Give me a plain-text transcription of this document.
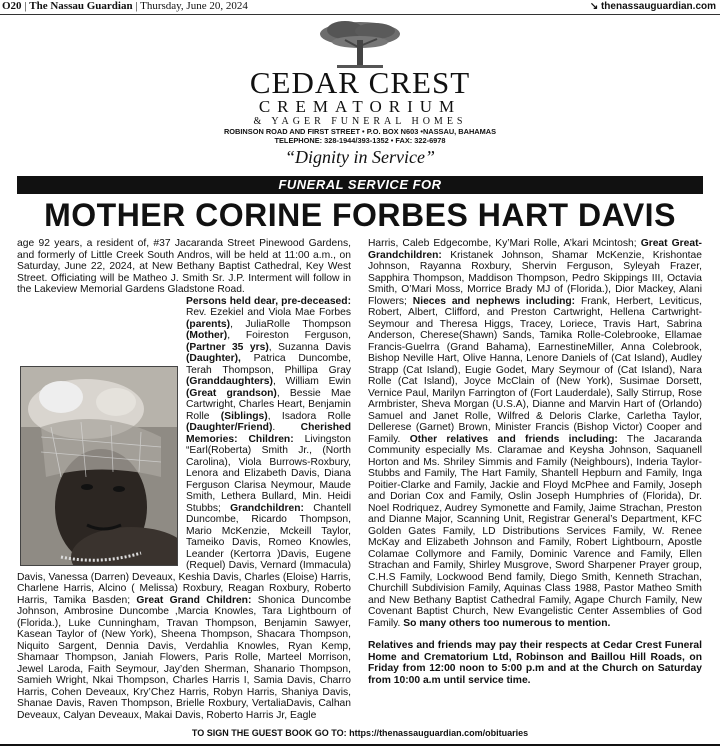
O20 | The Nassau Guardian | Thursday, June 20, 2024	↘ thenassauguardian.com
CEDAR CREST
CREMATORIUM
& YAGER FUNERAL HOMES
ROBINSON ROAD AND FIRST STREET • P.O. BOX N603 •NASSAU, BAHAMAS
TELEPHONE: 328-1944/393-1352 • FAX: 322-6978
“Dignity in Service”
FUNERAL SERVICE FOR
MOTHER CORINE FORBES HART DAVIS

age 92 years, a resident of, #37 Jacaranda Street Pinewood Gardens, and formerly of Little Creek South Andros, will be held at 11:00 a.m., on Saturday, June 22, 2024, at New Bethany Baptist Cathedral, Key West Street. Officiating will be Matheo J. Smith Sr. J.P. Interment will follow in the Lakeview Memorial Gardens Gladstone Road.

Persons held dear, pre-deceased: Rev. Ezekiel and Viola Mae Forbes (parents), JuliaRolle Thompson (Mother), Foireston Ferguson, (Partner 35 yrs), Suzanna Davis (Daughter), Patrica Duncombe, Terah Thompson, Phillipa Gray (Granddaughters), William Ewin (Great grandson), Bessie Mae Cartwright, Charles Heart, Benjamin Rolle (Siblings), Isadora Rolle (Daughter/Friend). Cherished Memories: Children: Livingston “Earl(Roberta) Smith Jr., (North Carolina), Viola Burrows-Roxbury, Lenora and Elizabeth Davis, Diana Ferguson Clarisa Neymour, Maude Smith, Lethera Bullard, Min. Heidi Stubbs; Grandchildren: Chantell Duncombe, Ricardo Thompson, Mario McKenzie, Mckeill Taylor, Tameiko Davis, Romeo Knowles, Leander (Kertorra )Davis, Eugene (Requel) Davis, Vernard (Immacula) Davis, Vanessa (Darren) Deveaux, Keshia Davis, Charles (Eloise) Harris, Charlene Harris, Alcino ( Melissa) Roxbury, Reagan Roxbury, Roberto Harris, Tamika Basden; Great Grand Children: Shonica Duncombe Johnson, Ambrosine Duncombe ,Marcia Knowles, Tara Lightbourn of (Florida.), Luke Cunningham, Travan Thompson, Benjamin Sawyer, Kasean Taylor of (New York), Sheena Thompson, Shacara Thompson, Niquito Sargent, Dennia Davis, Verdahlia Knowles, Ryan Kemp, Shamaar Thompson, Janiah Flowers, Paris Rolle, Marteel Morrison, Jewel Laroda, Faith Seymour, Jay’den Sherman, Shanario Thompson, Samieh Wright, Nkai Thompson, Charles Harris I, Samia Davis, Charro Harris, Cohen Deveaux, Kry’Chez Harris, Robyn Harris, Shaniya Davis, Shanae Davis, Raven Thompson, Brielle Roxbury, VertaliaDavis, Calhan Deveaux, Calyan Deveaux, Makai Davis, Roberto Harris Jr, Eagle

Harris, Caleb Edgecombe, Ky’Mari Rolle, A’kari Mcintosh; Great Great- Grandchildren: Kristanek Johnson, Shamar McKenzie, Krishontae Johnson, Rayanna Roxbury, Shervin Ferguson, Syleyah Frazer, Sapphira Thompson, Maddison Thompson, Pedro Skippings III, Octavia Smith, O’Mari Moss, Morrice Brady MJ of (Florida.), Dior Mackey, Alani Flowers; Nieces and nephews including: Frank, Herbert, Leviticus, Robert, Albert, Clifford, and Preston Cartwright, Hellena Cartwright-Seymour and Theresa Higgs, Tracey, Loriece, Travis Hart, Sabrina Anderson, Cherese(Shawn) Sands, Tamika Rolle-Colebrooke, Ellamae Francis-Guelrra (Grand Bahama), EarnestineMiller, Anna Colebrook, Bishop Neville Hart, Olive Hanna, Lenore Daniels of (Cat Island), Audley Strapp (Cat Island), Eugie Godet, Mary Seymour of (Cat Island), Nara Rolle (Cat Island), Joyce McClain of (New York), Susimae Dorsett, Vernice Paul, Marilyn Farrington of (Fort Lauderdale), Sally Stirrup, Rose Armbrister, Sheva Morgan (U.S.A), Dianne and Marvin Hart of (Orlando) Samuel and Janet Rolle, Wilfred & Deloris Clarke, Carletha Taylor, Dellerese (Garnet) Brown, Minister Francis (Bishop Victor) Cooper and Family. Other relatives and friends including: The Jacaranda Community especially Ms. Claramae and Keysha Johnson, Saquanell Horton and Ms. Shriley Simmis and Family (Neighbours), Inderia Taylor-Stubbs and Family, The Hart Family, Shantell Hepburn and Family, Inga Poitier-Clarke and Family, Jackie and Floyd McPhee and Family, Joseph and Dorian Cox and Family, Oslin Joseph Humphries of (Florida), Dr. Noel Rodriquez, Audrey Symonette and Family, Jaime Strachan, Preston and Dianne Major, Scanning Unit, Registrar General’s Department, KFC Golden Gates Family, LD Distributions Services Family, W. Renee McKay and Elizabeth Johnson and Family, Robert Lightbourn, Apostle Colamae Collymore and Family, Dominic Varence and Family, Ellen Strachan and Family, Shirley Musgrove, Sword Sharpener Prayer group, C.H.S Family, Lockwood Bend family, Diego Smith, Kenneth Strachan, Churchill Subdivision Family, Aquinas Class 1988, Pastor Matheo Smith and New Bethany Baptist Cathedral Family, Agape Church Family, New Covenant Baptist Church, New Evangelistic Center Assemblies of God Family. So many others too numerous to mention.

Relatives and friends may pay their respects at Cedar Crest Funeral Home and Crematorium Ltd, Robinson and Baillou Hill Roads, on Friday from 12:00 noon to 5:00 p.m and at the Church on Saturday from 10:00 a.m until service time.

TO SIGN THE GUEST BOOK GO TO: https://thenassauguardian.com/obituaries
